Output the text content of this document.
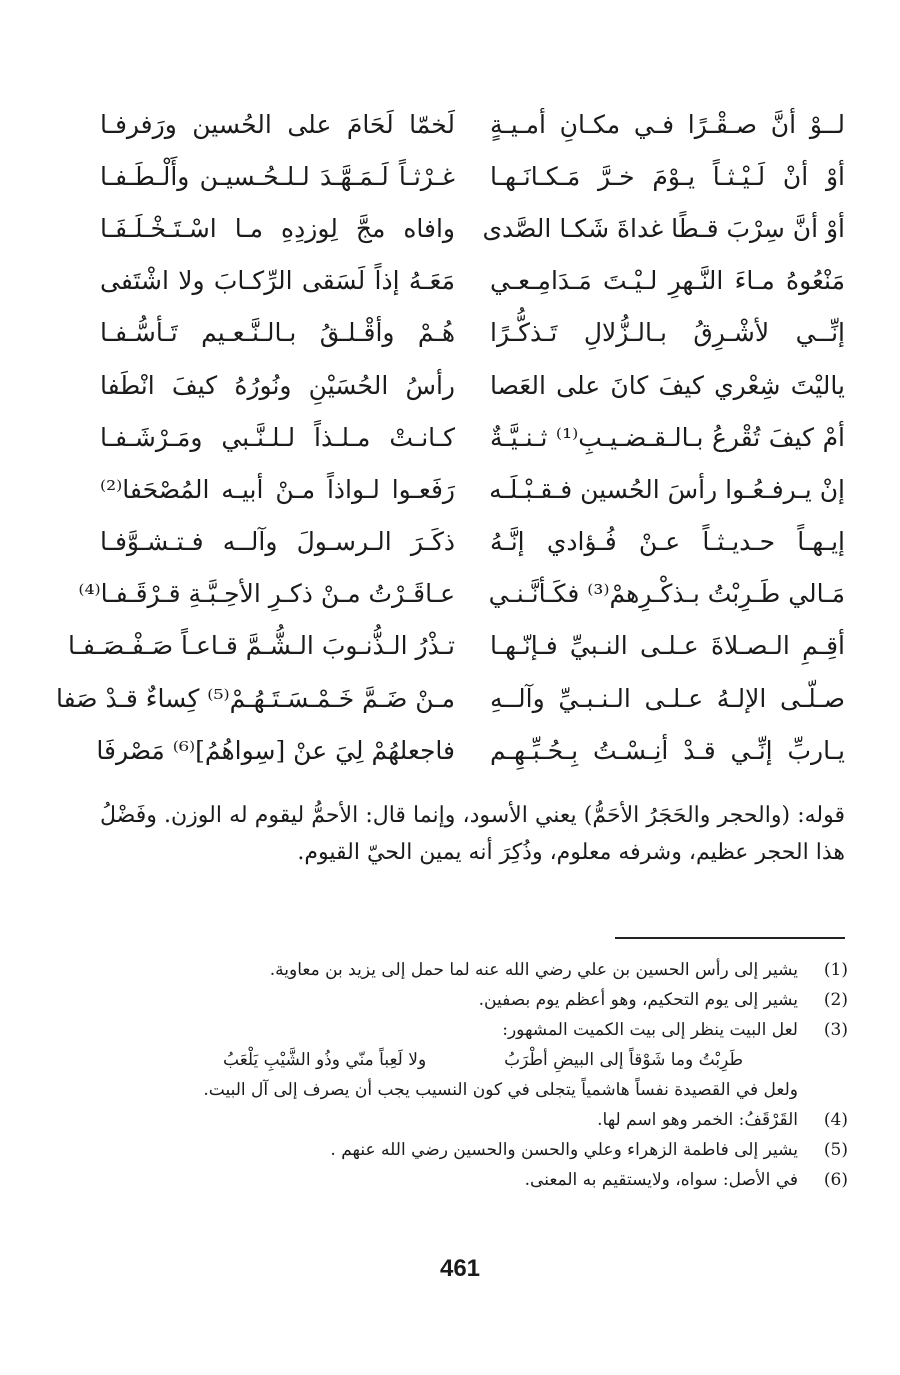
لــوْ أنَّ صـقْـرًا فـي مكـانِ أمـيـةٍ
لَخمّا لَحَامَ على الحُسين ورَفرفـا
أوْ أنْ لَـيْـثـاً يـوْمَ خـرَّ مَـكـانَـهـا
غـرْثـاً لَـمَـهَّـدَ لـلـحُـسيـن وأَلْـطَـفـا
أوْ أنَّ سِرْبَ قـطًا غداةَ شَكـا الصَّدى
وافاه مجَّ لِوزدِهِ مـا اسْـتَـخْـلَـفَـا
مَنْعُوهُ مـاءَ النَّـهرِ لـيْـتَ مَـدَامِـعـي
مَعَـهُ إذاً لَسَقى الرِّكـابَ ولا اشْتَفى
إنِّــي لأشْـرِقُ بـالـزُّلالِ تَـذكُّـرًا
هُـمْ وأقْـلـقُ بـالـنَّـعـيم تَـأسُّـفـا
ياليْتَ شِعْري كيفَ كانَ على العَصا
رأسُ الحُسَيْنِ ونُورُهُ كيفَ انْطَفا
أمْ كيفَ تُقْرعُ بـالـقـضـيـبِ⁽¹⁾ ثـنـيَّـةٌ
كـانـتْ مـلـذاً لـلـنَّـبي ومَـرْشَـفـا
إنْ يـرفـعُـوا رأسَ الحُسين فـقـبْـلَـه
رَفَعـوا لـواذاً مـنْ أبيـه المُصْحَفا⁽²⁾
إيـهـاً حـديـثـاً عـنْ فُـؤادي إنَّـهُ
ذكَـرَ الـرسـولَ وآلــه فـتـشـوَّفـا
مَـالي طَـرِبْتُ بـذكْـرِهمْ⁽³⁾ فكَـأنَّـنـي
عـاقَـرْتُ مـنْ ذكـرِ الأحِـبَّـةِ قـرْقَـفـا⁽⁴⁾
أقِـمِ الـصـلاةَ عـلـى النـبيِّ فـإنّـهـا
تـذْرُ الـذُّنـوبَ الـشُّـمَّ قـاعـاً صَـفْـصَـفـا
صـلّـى الإلـهُ عـلـى الـنـبـيِّ وآلــهِ
مـنْ ضَـمَّ خَـمْـسَـتَـهُـمْ⁽⁵⁾ كِساءٌ قـدْ صَفا
يـاربِّ إنِّـي قـدْ أنِـسْـتُ بِـحُـبِّـهِـم
فاجعلهُمْ لِيَ عنْ [سِواهُمُ]⁽⁶⁾ مَصْرفَا
قوله: (والحجر والحَجَرُ الأحَمُّ) يعني الأسود، وإنما قال: الأحمُّ ليقوم له الوزن. وفَضْلُ هذا الحجر عظيم، وشرفه معلوم، وذُكِرَ أنه يمين الحيّ القيوم.
(1)
يشير إلى رأس الحسين بن علي رضي الله عنه لما حمل إلى يزيد بن معاوية.
(2)
يشير إلى يوم التحكيم، وهو أعظم يوم بصفين.
(3)
لعل البيت ينظر إلى بيت الكميت المشهور:
طَرِبْتُ وما شَوْقاً إلى البيضِ أطْرَبُ
ولا لَعِباً منّي وذُو الشَّيْبِ يَلْعَبُ
ولعل في القصيدة نفساً هاشمياً يتجلى في كون النسيب يجب أن يصرف إلى آل البيت.
(4)
القَرْقَفُ: الخمر وهو اسم لها.
(5)
يشير إلى فاطمة الزهراء وعلي والحسن والحسين رضي الله عنهم .
(6)
في الأصل: سواه، ولايستقيم به المعنى.
461
